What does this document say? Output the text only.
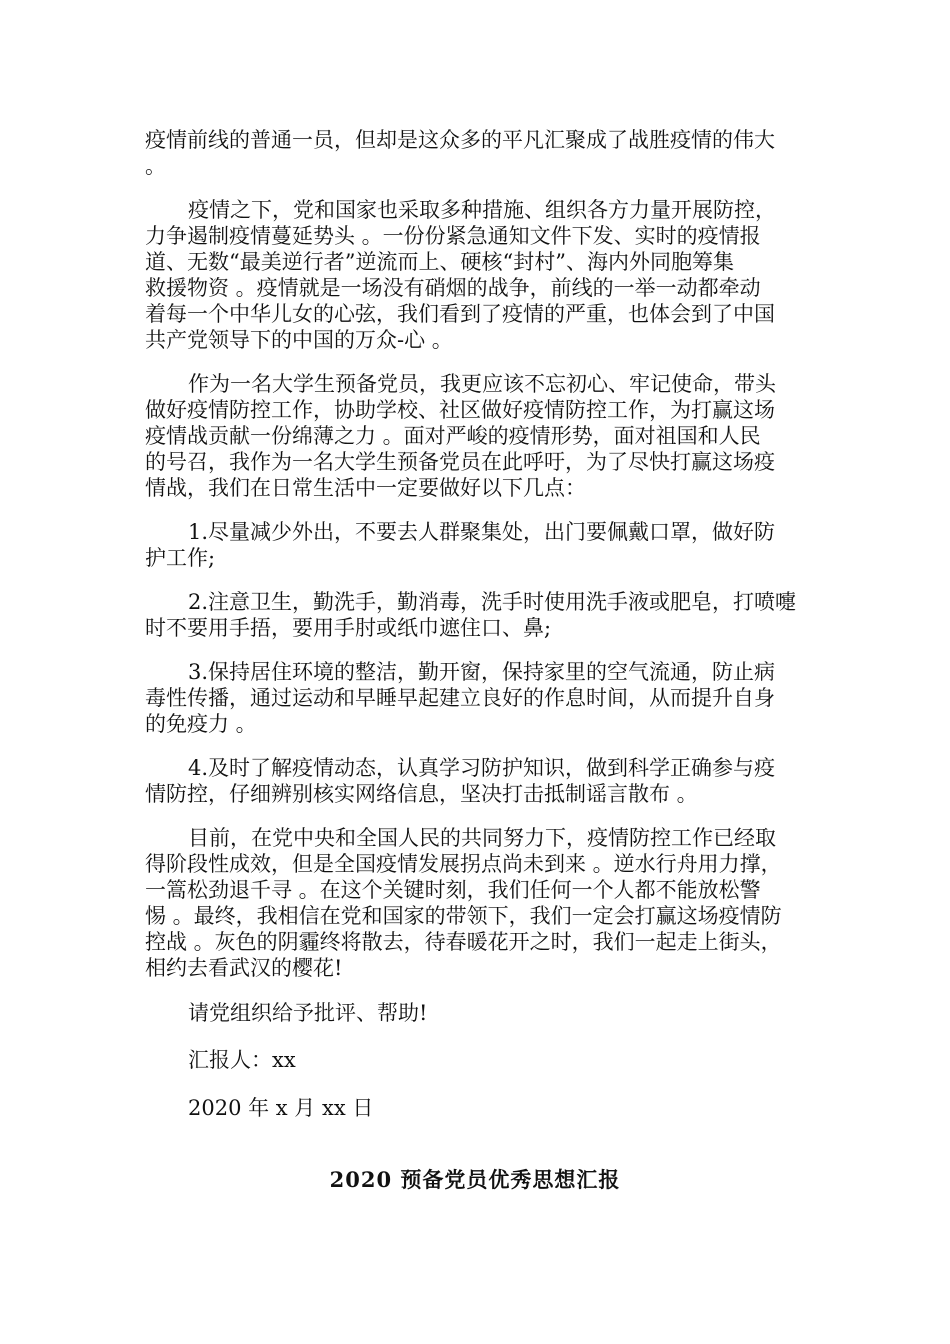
疫情前线的普通一员，但却是这众多的平凡汇聚成了战胜疫情的伟大
。
疫情之下，党和国家也采取多种措施、组织各方力量开展防控，
力争遏制疫情蔓延势头 。一份份紧急通知文件下发、实时的疫情报
道、无数“最美逆行者”逆流而上、硬核“封村”、海内外同胞筹集
救援物资 。疫情就是一场没有硝烟的战争，前线的一举一动都牵动
着每一个中华儿女的心弦，我们看到了疫情的严重，也体会到了中国
共产党领导下的中国的万众-心 。
作为一名大学生预备党员，我更应该不忘初心、牢记使命，带头
做好疫情防控工作，协助学校、社区做好疫情防控工作，为打赢这场
疫情战贡献一份绵薄之力 。面对严峻的疫情形势，面对祖国和人民
的号召，我作为一名大学生预备党员在此呼吁，为了尽快打赢这场疫
情战，我们在日常生活中一定要做好以下几点：
1.尽量减少外出，不要去人群聚集处，出门要佩戴口罩，做好防
护工作;
2.注意卫生，勤洗手，勤消毒，洗手时使用洗手液或肥皂，打喷嚏
时不要用手捂，要用手肘或纸巾遮住口、鼻;
3.保持居住环境的整洁，勤开窗，保持家里的空气流通，防止病
毒性传播，通过运动和早睡早起建立良好的作息时间，从而提升自身
的免疫力 。
4.及时了解疫情动态，认真学习防护知识，做到科学正确参与疫
情防控，仔细辨别核实网络信息，坚决打击抵制谣言散布 。
目前，在党中央和全国人民的共同努力下，疫情防控工作已经取
得阶段性成效，但是全国疫情发展拐点尚未到来 。逆水行舟用力撑，
一篙松劲退千寻 。在这个关键时刻，我们任何一个人都不能放松警
惕 。最终，我相信在党和国家的带领下，我们一定会打赢这场疫情防
控战 。灰色的阴霾终将散去，待春暖花开之时，我们一起走上街头，
相约去看武汉的樱花!
请党组织给予批评、帮助!
汇报人：xx
2020 年 x 月 xx 日
2020 预备党员优秀思想汇报
